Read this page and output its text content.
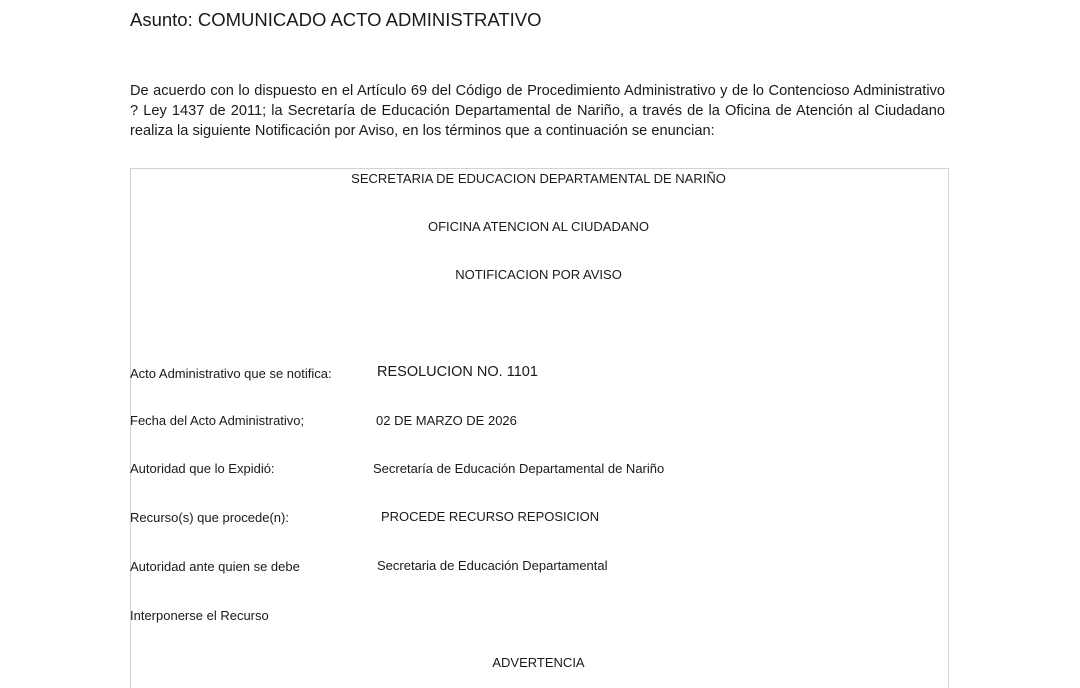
Asunto: COMUNICADO ACTO ADMINISTRATIVO
De acuerdo con lo dispuesto en el Artículo 69 del Código de Procedimiento Administrativo y de lo Contencioso Administrativo ? Ley 1437 de 2011; la Secretaría de Educación Departamental de Nariño, a través de la Oficina de Atención al Ciudadano realiza la siguiente Notificación por Aviso, en los términos que a continuación se enuncian:
SECRETARIA DE EDUCACION DEPARTAMENTAL DE NARIÑO
OFICINA ATENCION AL CIUDADANO
NOTIFICACION POR AVISO
ADVERTENCIA
Acto Administrativo que se notifica:	RESOLUCION NO. 1101
Fecha del Acto Administrativo;	02 DE MARZO DE 2026
Autoridad que lo Expidió:	Secretaría de Educación Departamental de Nariño
Recurso(s) que procede(n):	PROCEDE RECURSO REPOSICION
Autoridad ante quien se debe	Secretaria de Educación Departamental
Interponerse el Recurso
